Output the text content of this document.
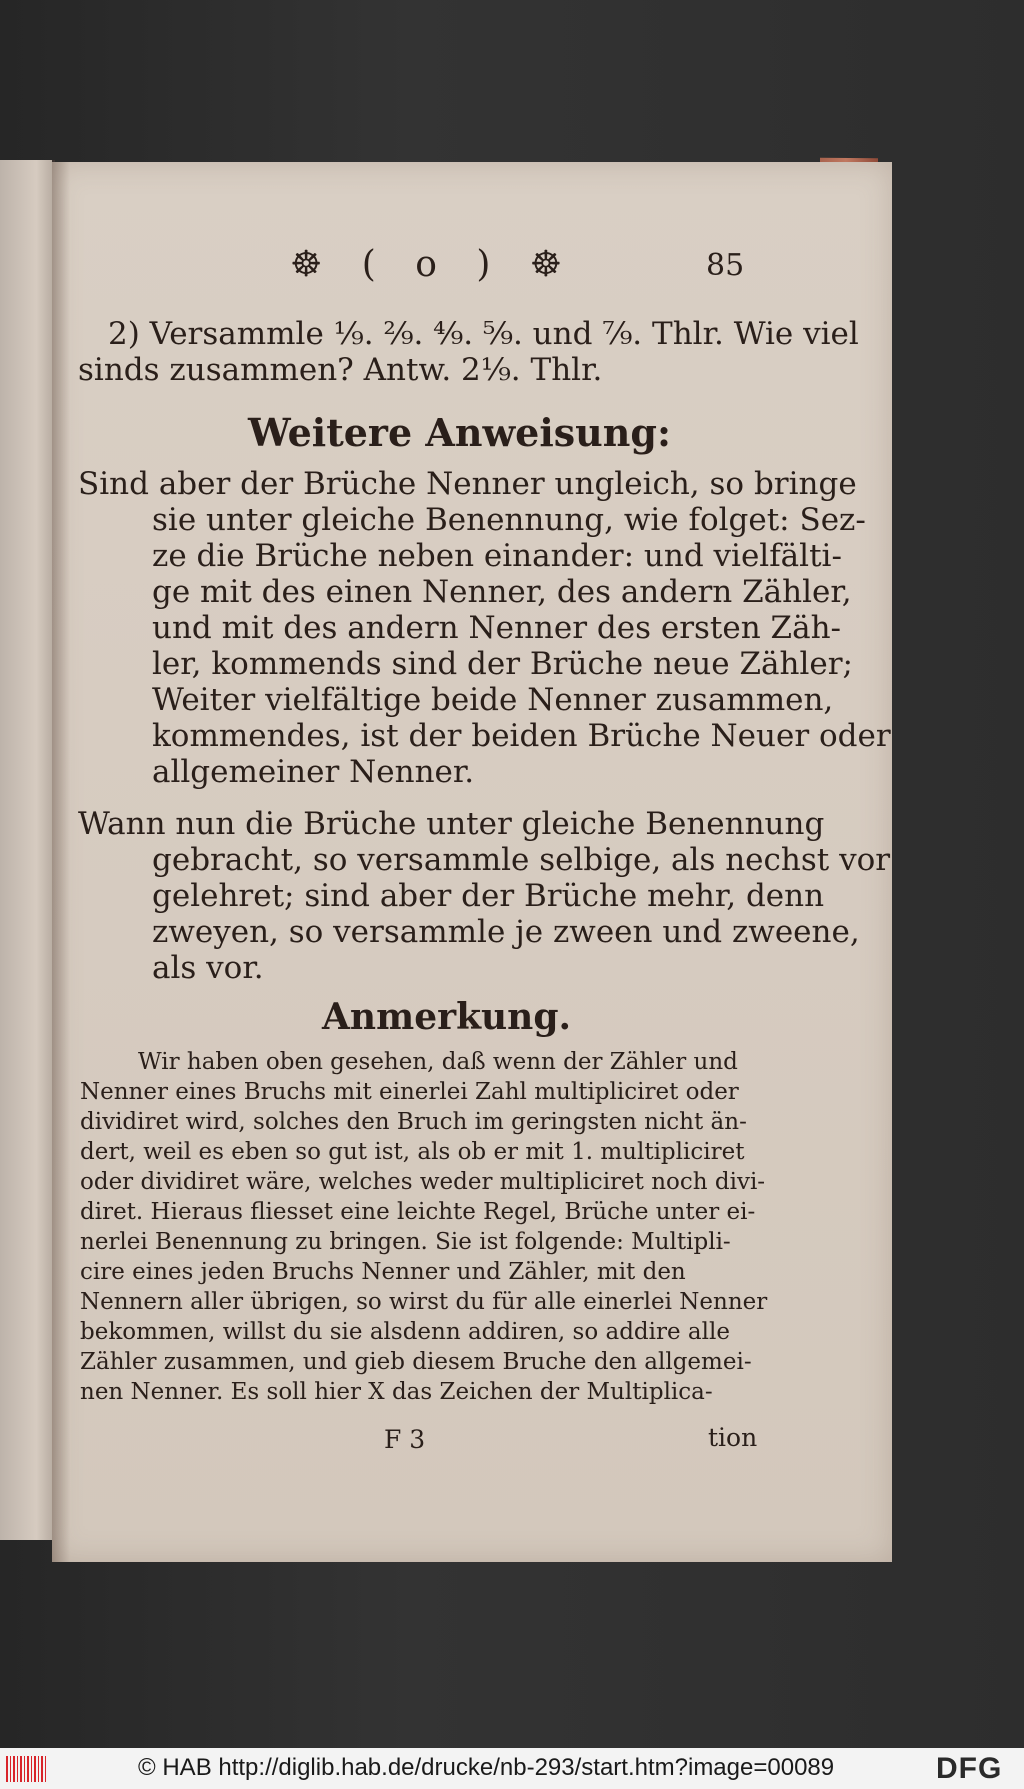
☸ ( o ) ☸	85
2) Versammle ⅑. ²⁄₉. ⁴⁄₉. ⁵⁄₉. und ⁷⁄₉. Thlr. Wie viel
sinds zusammen? Antw. 2⅑. Thlr.
Weitere Anweisung:
Sind aber der Brüche Nenner ungleich, so bringe
sie unter gleiche Benennung, wie folget: Sez-
ze die Brüche neben einander: und vielfälti-
ge mit des einen Nenner, des andern Zähler,
und mit des andern Nenner des ersten Zäh-
ler, kommends sind der Brüche neue Zähler;
Weiter vielfältige beide Nenner zusammen,
kommendes, ist der beiden Brüche Neuer oder
allgemeiner Nenner.
Wann nun die Brüche unter gleiche Benennung
gebracht, so versammle selbige, als nechst vor
gelehret; sind aber der Brüche mehr, denn
zweyen, so versammle je zween und zweene,
als vor.
Anmerkung.
Wir haben oben gesehen, daß wenn der Zähler und
Nenner eines Bruchs mit einerlei Zahl multipliciret oder
dividiret wird, solches den Bruch im geringsten nicht än-
dert, weil es eben so gut ist, als ob er mit 1. multipliciret
oder dividiret wäre, welches weder multipliciret noch divi-
diret. Hieraus fliesset eine leichte Regel, Brüche unter ei-
nerlei Benennung zu bringen. Sie ist folgende: Multipli-
cire eines jeden Bruchs Nenner und Zähler, mit den
Nennern aller übrigen, so wirst du für alle einerlei Nenner
bekommen, willst du sie alsdenn addiren, so addire alle
Zähler zusammen, und gieb diesem Bruche den allgemei-
nen Nenner. Es soll hier X das Zeichen der Multiplica-
F 3	tion
© HAB http://diglib.hab.de/drucke/nb-293/start.htm?image=00089	DFG
